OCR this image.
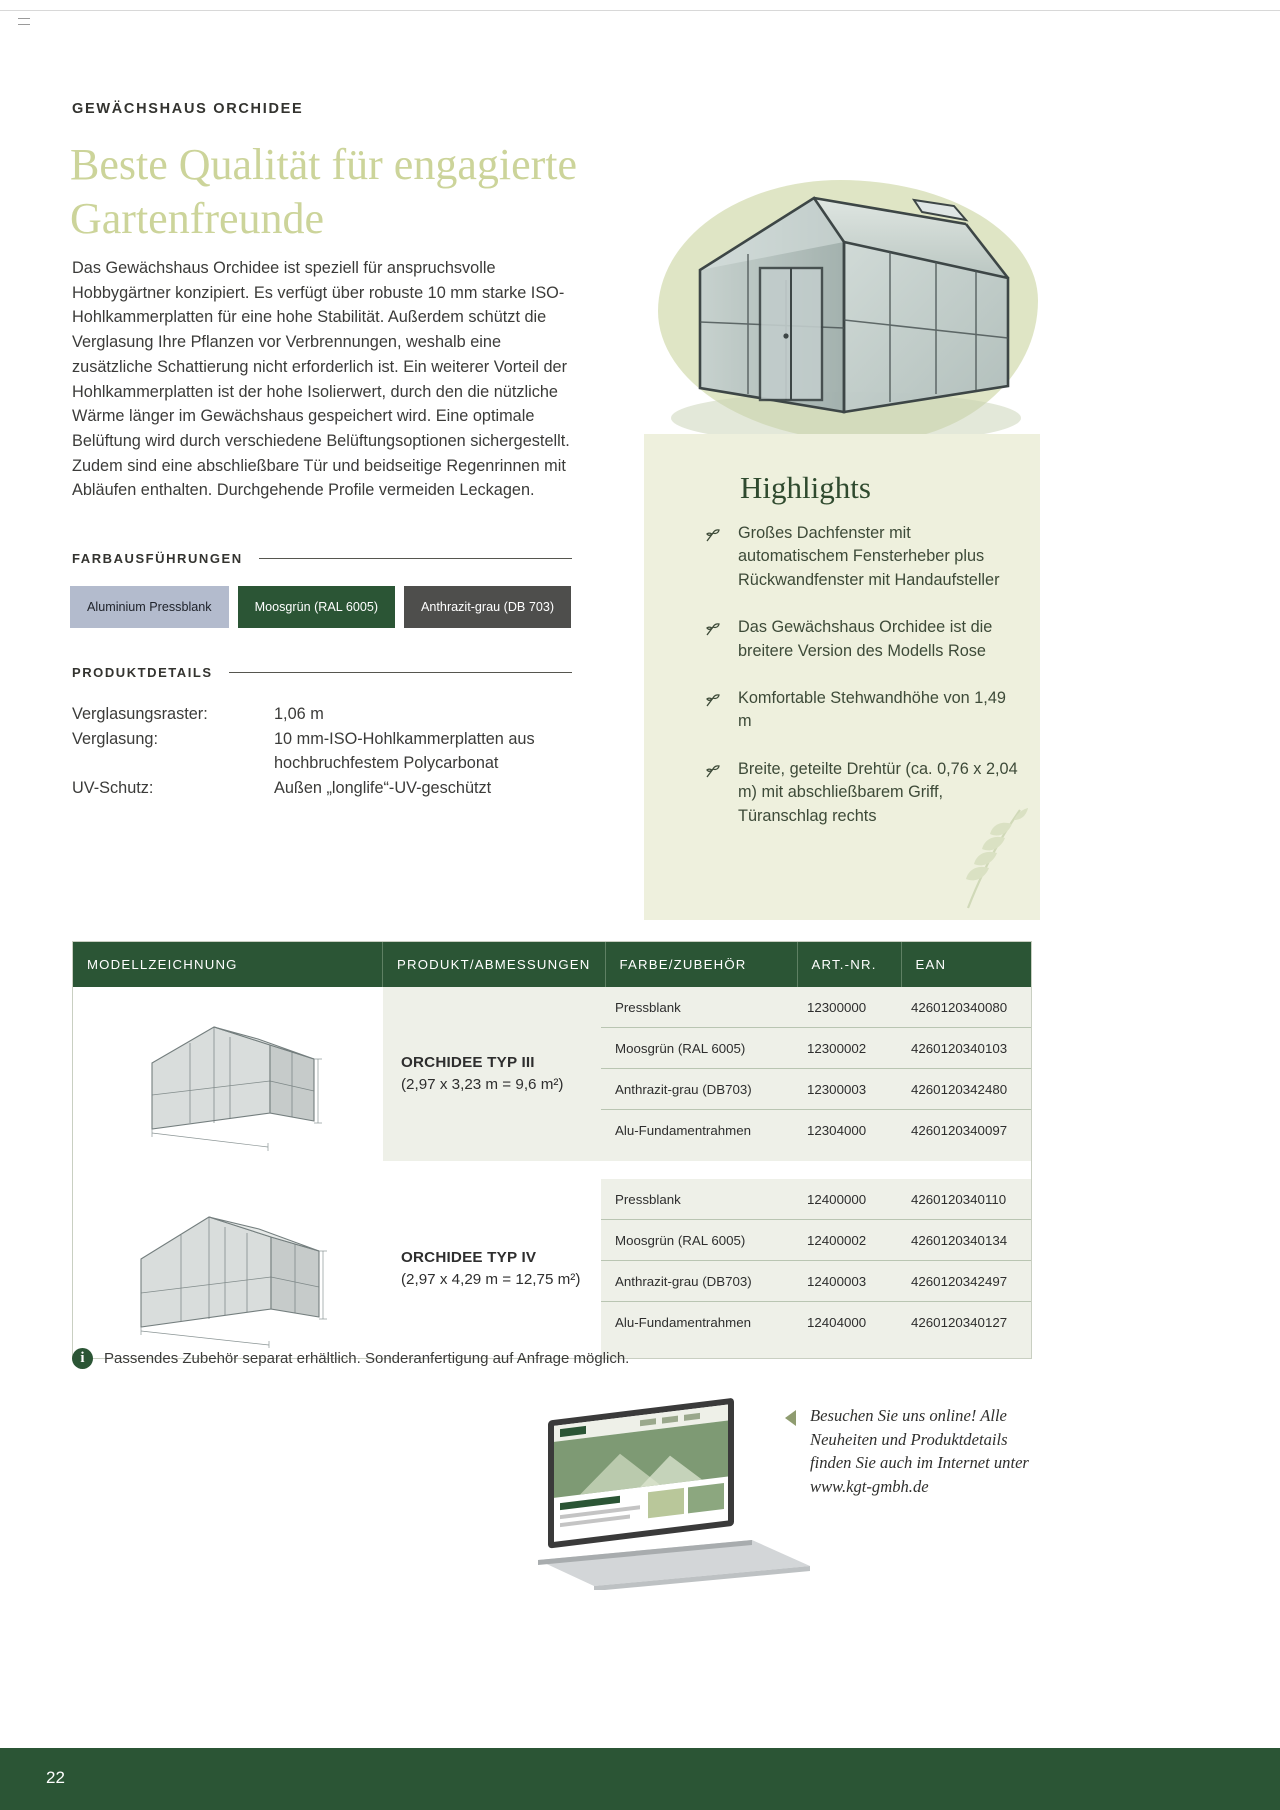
GEWÄCHSHAUS ORCHIDEE
Beste Qualität für engagierte Gartenfreunde

Das Gewächshaus Orchidee ist speziell für anspruchsvolle Hobbygärtner konzipiert. Es verfügt über robuste 10 mm starke ISO-Hohlkammerplatten für eine hohe Stabilität. Außerdem schützt die Verglasung Ihre Pflanzen vor Verbrennungen, weshalb eine zusätzliche Schattierung nicht erforderlich ist. Ein weiterer Vorteil der Hohlkammerplatten ist der hohe Isolierwert, durch den die nützliche Wärme länger im Gewächshaus gespeichert wird. Eine optimale Belüftung wird durch verschiedene Belüftungsoptionen sichergestellt. Zudem sind eine abschließbare Tür und beidseitige Regenrinnen mit Abläufen enthalten. Durchgehende Profile vermeiden Leckagen.

FARBAUSFÜHRUNGEN
Aluminium Pressblank	Moosgrün (RAL 6005)	Anthrazit-grau (DB 703)
PRODUKTDETAILS
Verglasungsraster:	1,06 m
Verglasung:	10 mm-ISO-Hohlkammerplatten aus hochbruchfestem Polycarbonat
UV-Schutz:	Außen „longlife“-UV-geschützt
Highlights
Großes Dachfenster mit automatischem Fensterheber plus Rückwandfenster mit Handaufsteller
Das Gewächshaus Orchidee ist die breitere Version des Modells Rose
Komfortable Stehwandhöhe von 1,49 m
Breite, geteilte Drehtür (ca. 0,76 x 2,04 m) mit abschließbarem Griff, Türanschlag rechts
MODELLZEICHNUNG	PRODUKT/ABMESSUNGEN	FARBE/ZUBEHÖR	ART.-NR.	EAN
ORCHIDEE TYP III
(2,97 x 3,23 m = 9,6 m²)
Pressblank	12300000	4260120340080
Moosgrün (RAL 6005)	12300002	4260120340103
Anthrazit-grau (DB703)	12300003	4260120342480
Alu-Fundamentrahmen	12304000	4260120340097
ORCHIDEE TYP IV
(2,97 x 4,29 m = 12,75 m²)
Pressblank	12400000	4260120340110
Moosgrün (RAL 6005)	12400002	4260120340134
Anthrazit-grau (DB703)	12400003	4260120342497
Alu-Fundamentrahmen	12404000	4260120340127
i	Passendes Zubehör separat erhältlich. Sonderanfertigung auf Anfrage möglich.
Besuchen Sie uns online! Alle Neuheiten und Produktdetails finden Sie auch im Internet unter www.kgt-gmbh.de
22
